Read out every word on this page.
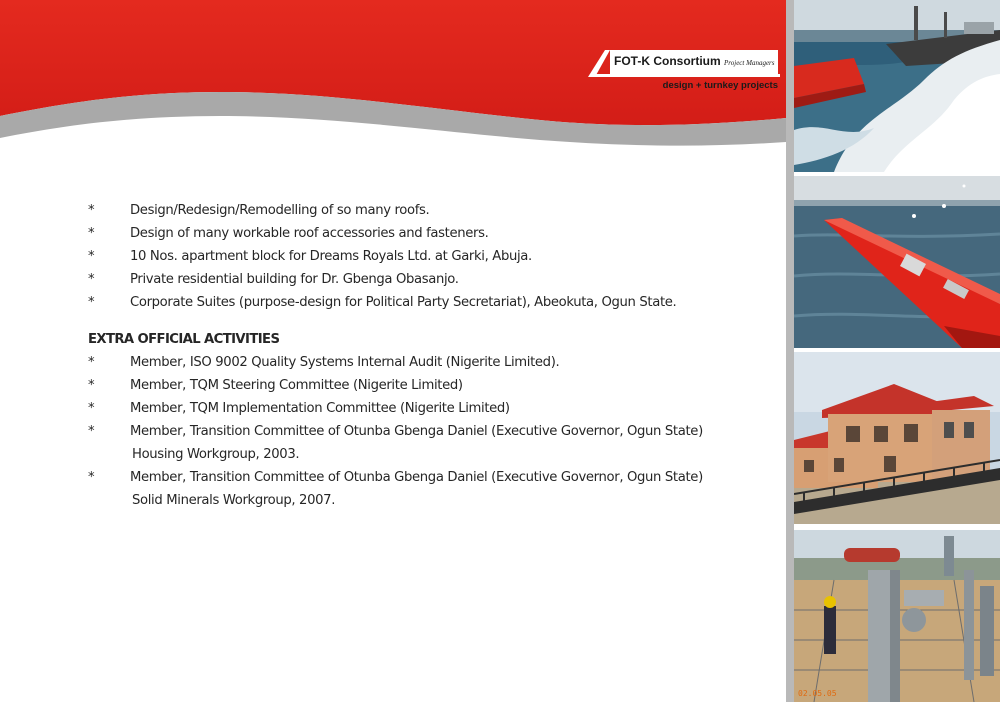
FOT-K Consortium Project Managers
design + turnkey projects
02.05.05
*	Design/Redesign/Remodelling of so many roofs.
*	Design of many workable roof accessories and fasteners.
*	10 Nos. apartment block for Dreams Royals Ltd. at Garki, Abuja.
*	Private residential building for Dr. Gbenga Obasanjo.
*	Corporate Suites (purpose-design for Political Party Secretariat), Abeokuta, Ogun State.
EXTRA OFFICIAL ACTIVITIES
*	Member, ISO 9002 Quality Systems Internal Audit (Nigerite Limited).
*	Member, TQM Steering Committee (Nigerite Limited)
*	Member, TQM Implementation Committee (Nigerite Limited)
*	Member, Transition Committee of Otunba Gbenga Daniel (Executive Governor, Ogun State)
Housing Workgroup, 2003.
*	Member, Transition Committee of Otunba Gbenga Daniel (Executive Governor, Ogun State)
Solid Minerals Workgroup, 2007.
